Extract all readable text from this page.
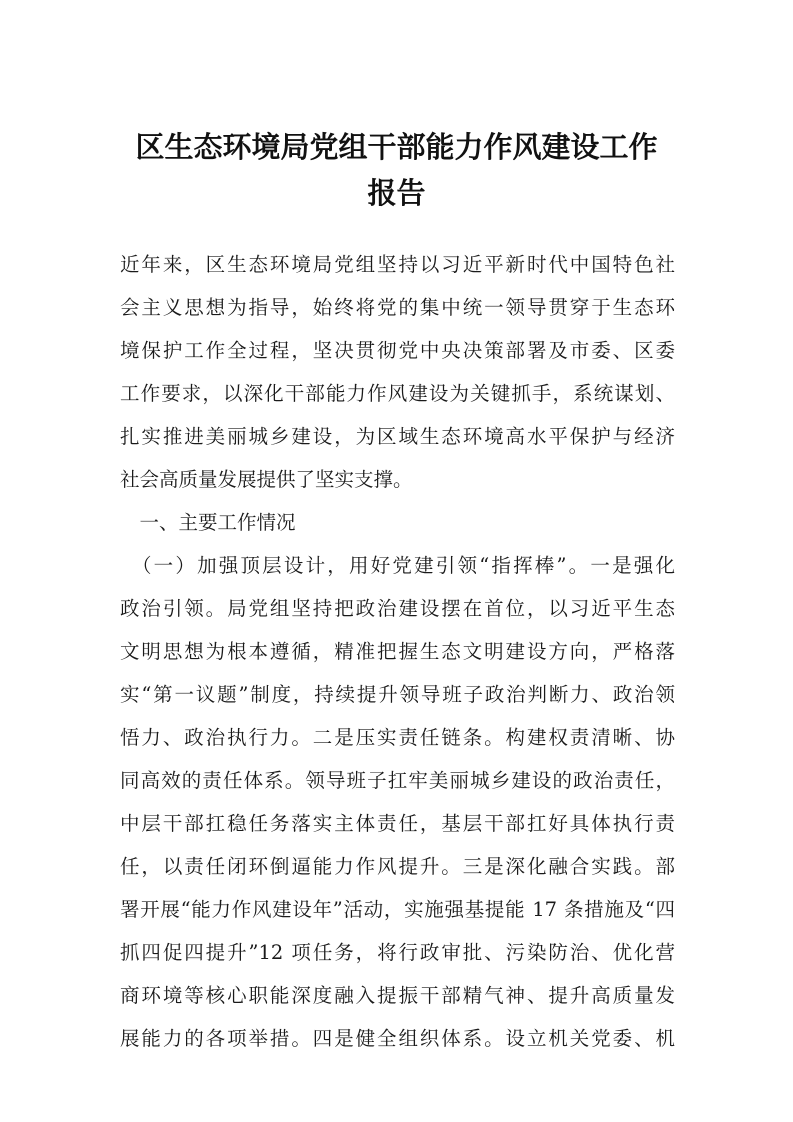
区生态环境局党组干部能力作风建设工作
报告
近年来，区生态环境局党组坚持以习近平新时代中国特色社
会主义思想为指导，始终将党的集中统一领导贯穿于生态环
境保护工作全过程，坚决贯彻党中央决策部署及市委、区委
工作要求，以深化干部能力作风建设为关键抓手，系统谋划、
扎实推进美丽城乡建设，为区域生态环境高水平保护与经济
社会高质量发展提供了坚实支撑。
　一、主要工作情况
　（一）加强顶层设计，用好党建引领“指挥棒”。一是强化
政治引领。局党组坚持把政治建设摆在首位，以习近平生态
文明思想为根本遵循，精准把握生态文明建设方向，严格落
实“第一议题”制度，持续提升领导班子政治判断力、政治领
悟力、政治执行力。二是压实责任链条。构建权责清晰、协
同高效的责任体系。领导班子扛牢美丽城乡建设的政治责任，
中层干部扛稳任务落实主体责任，基层干部扛好具体执行责
任，以责任闭环倒逼能力作风提升。三是深化融合实践。部
署开展“能力作风建设年”活动，实施强基提能 17 条措施及“四
抓四促四提升”12 项任务，将行政审批、污染防治、优化营
商环境等核心职能深度融入提振干部精气神、提升高质量发
展能力的各项举措。四是健全组织体系。设立机关党委、机
